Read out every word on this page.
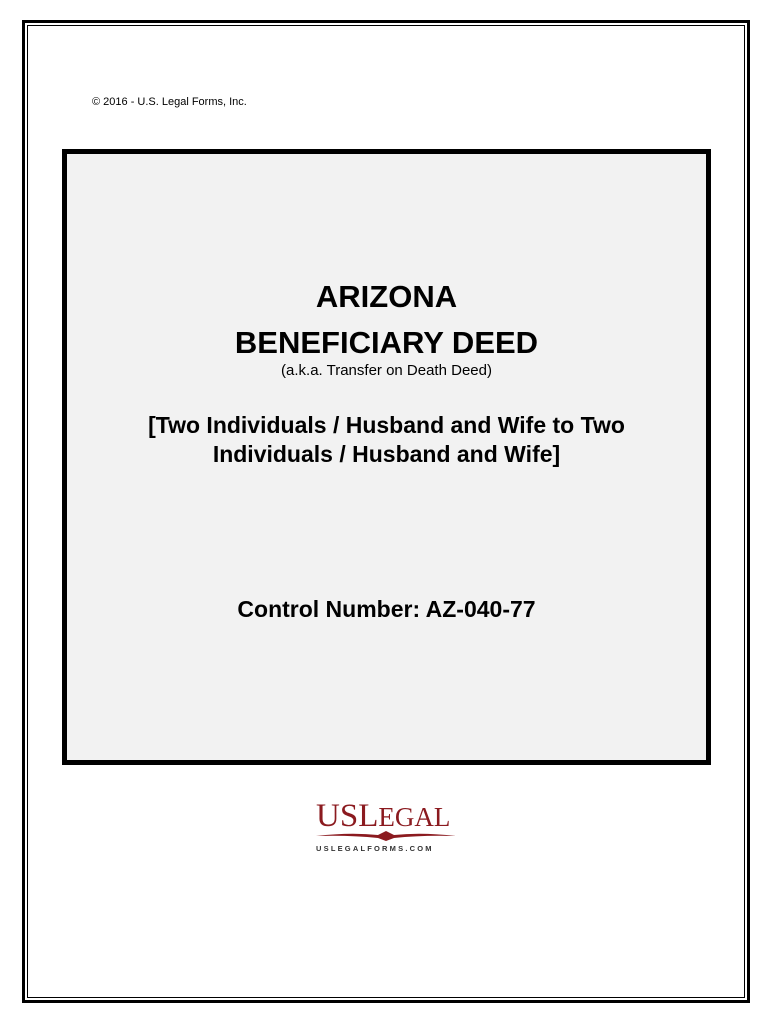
© 2016 - U.S. Legal Forms, Inc.
ARIZONA
BENEFICIARY DEED
(a.k.a. Transfer on Death Deed)
[Two Individuals / Husband and Wife to Two Individuals / Husband and Wife]
Control Number: AZ-040-77
USLEGAL
USLEGALFORMS.COM
